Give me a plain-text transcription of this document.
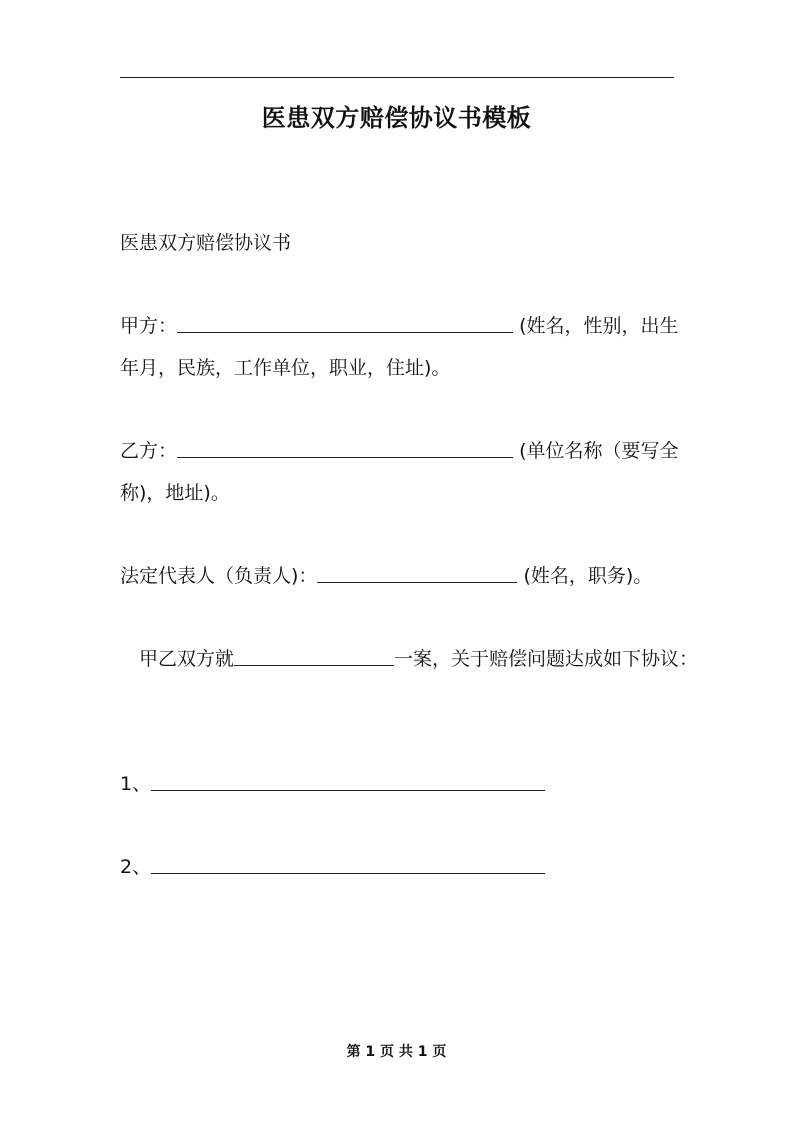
医患双方赔偿协议书模板
医患双方赔偿协议书
甲方：	(姓名，性别，出生
年月，民族，工作单位，职业，住址)。
乙方：	(单位名称（要写全
称)，地址)。
法定代表人（负责人)：	(姓名，职务)。
甲乙双方就	一案，关于赔偿问题达成如下协议：
1、
2、
第 1 页 共 1 页
